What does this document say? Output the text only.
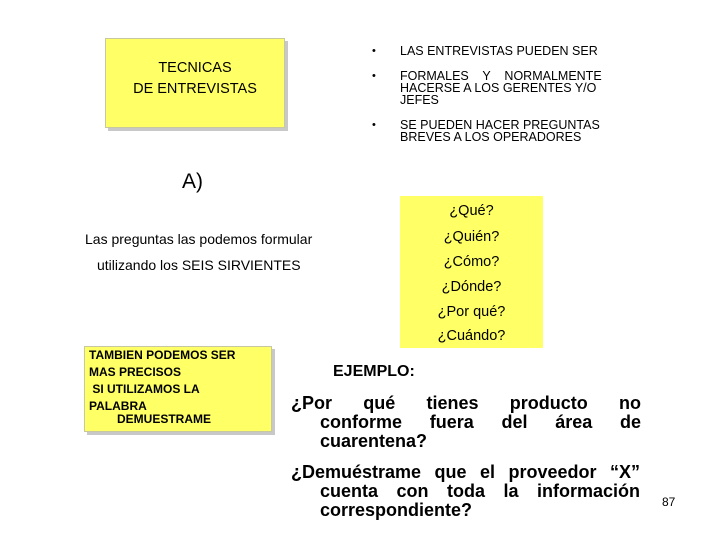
TECNICAS
DE ENTREVISTAS
• LAS ENTREVISTAS PUEDEN SER
• FORMALES    Y    NORMALMENTE
HACERSE A LOS GERENTES Y/O
JEFES
• SE PUEDEN HACER PREGUNTAS
BREVES A LOS OPERADORES
A)
¿Qué?
¿Quién?
¿Cómo?
¿Dónde?
¿Por qué?
¿Cuándo?
Las preguntas las podemos formular
utilizando los SEIS SIRVIENTES
TAMBIEN PODEMOS SER
MAS PRECISOS
SI UTILIZAMOS LA
PALABRA
DEMUESTRAME
EJEMPLO:
¿Por qué tienes producto no
conforme fuera del área de
cuarentena?
¿Demuéstrame que el proveedor “X”
cuenta con toda la información
correspondiente?	87
